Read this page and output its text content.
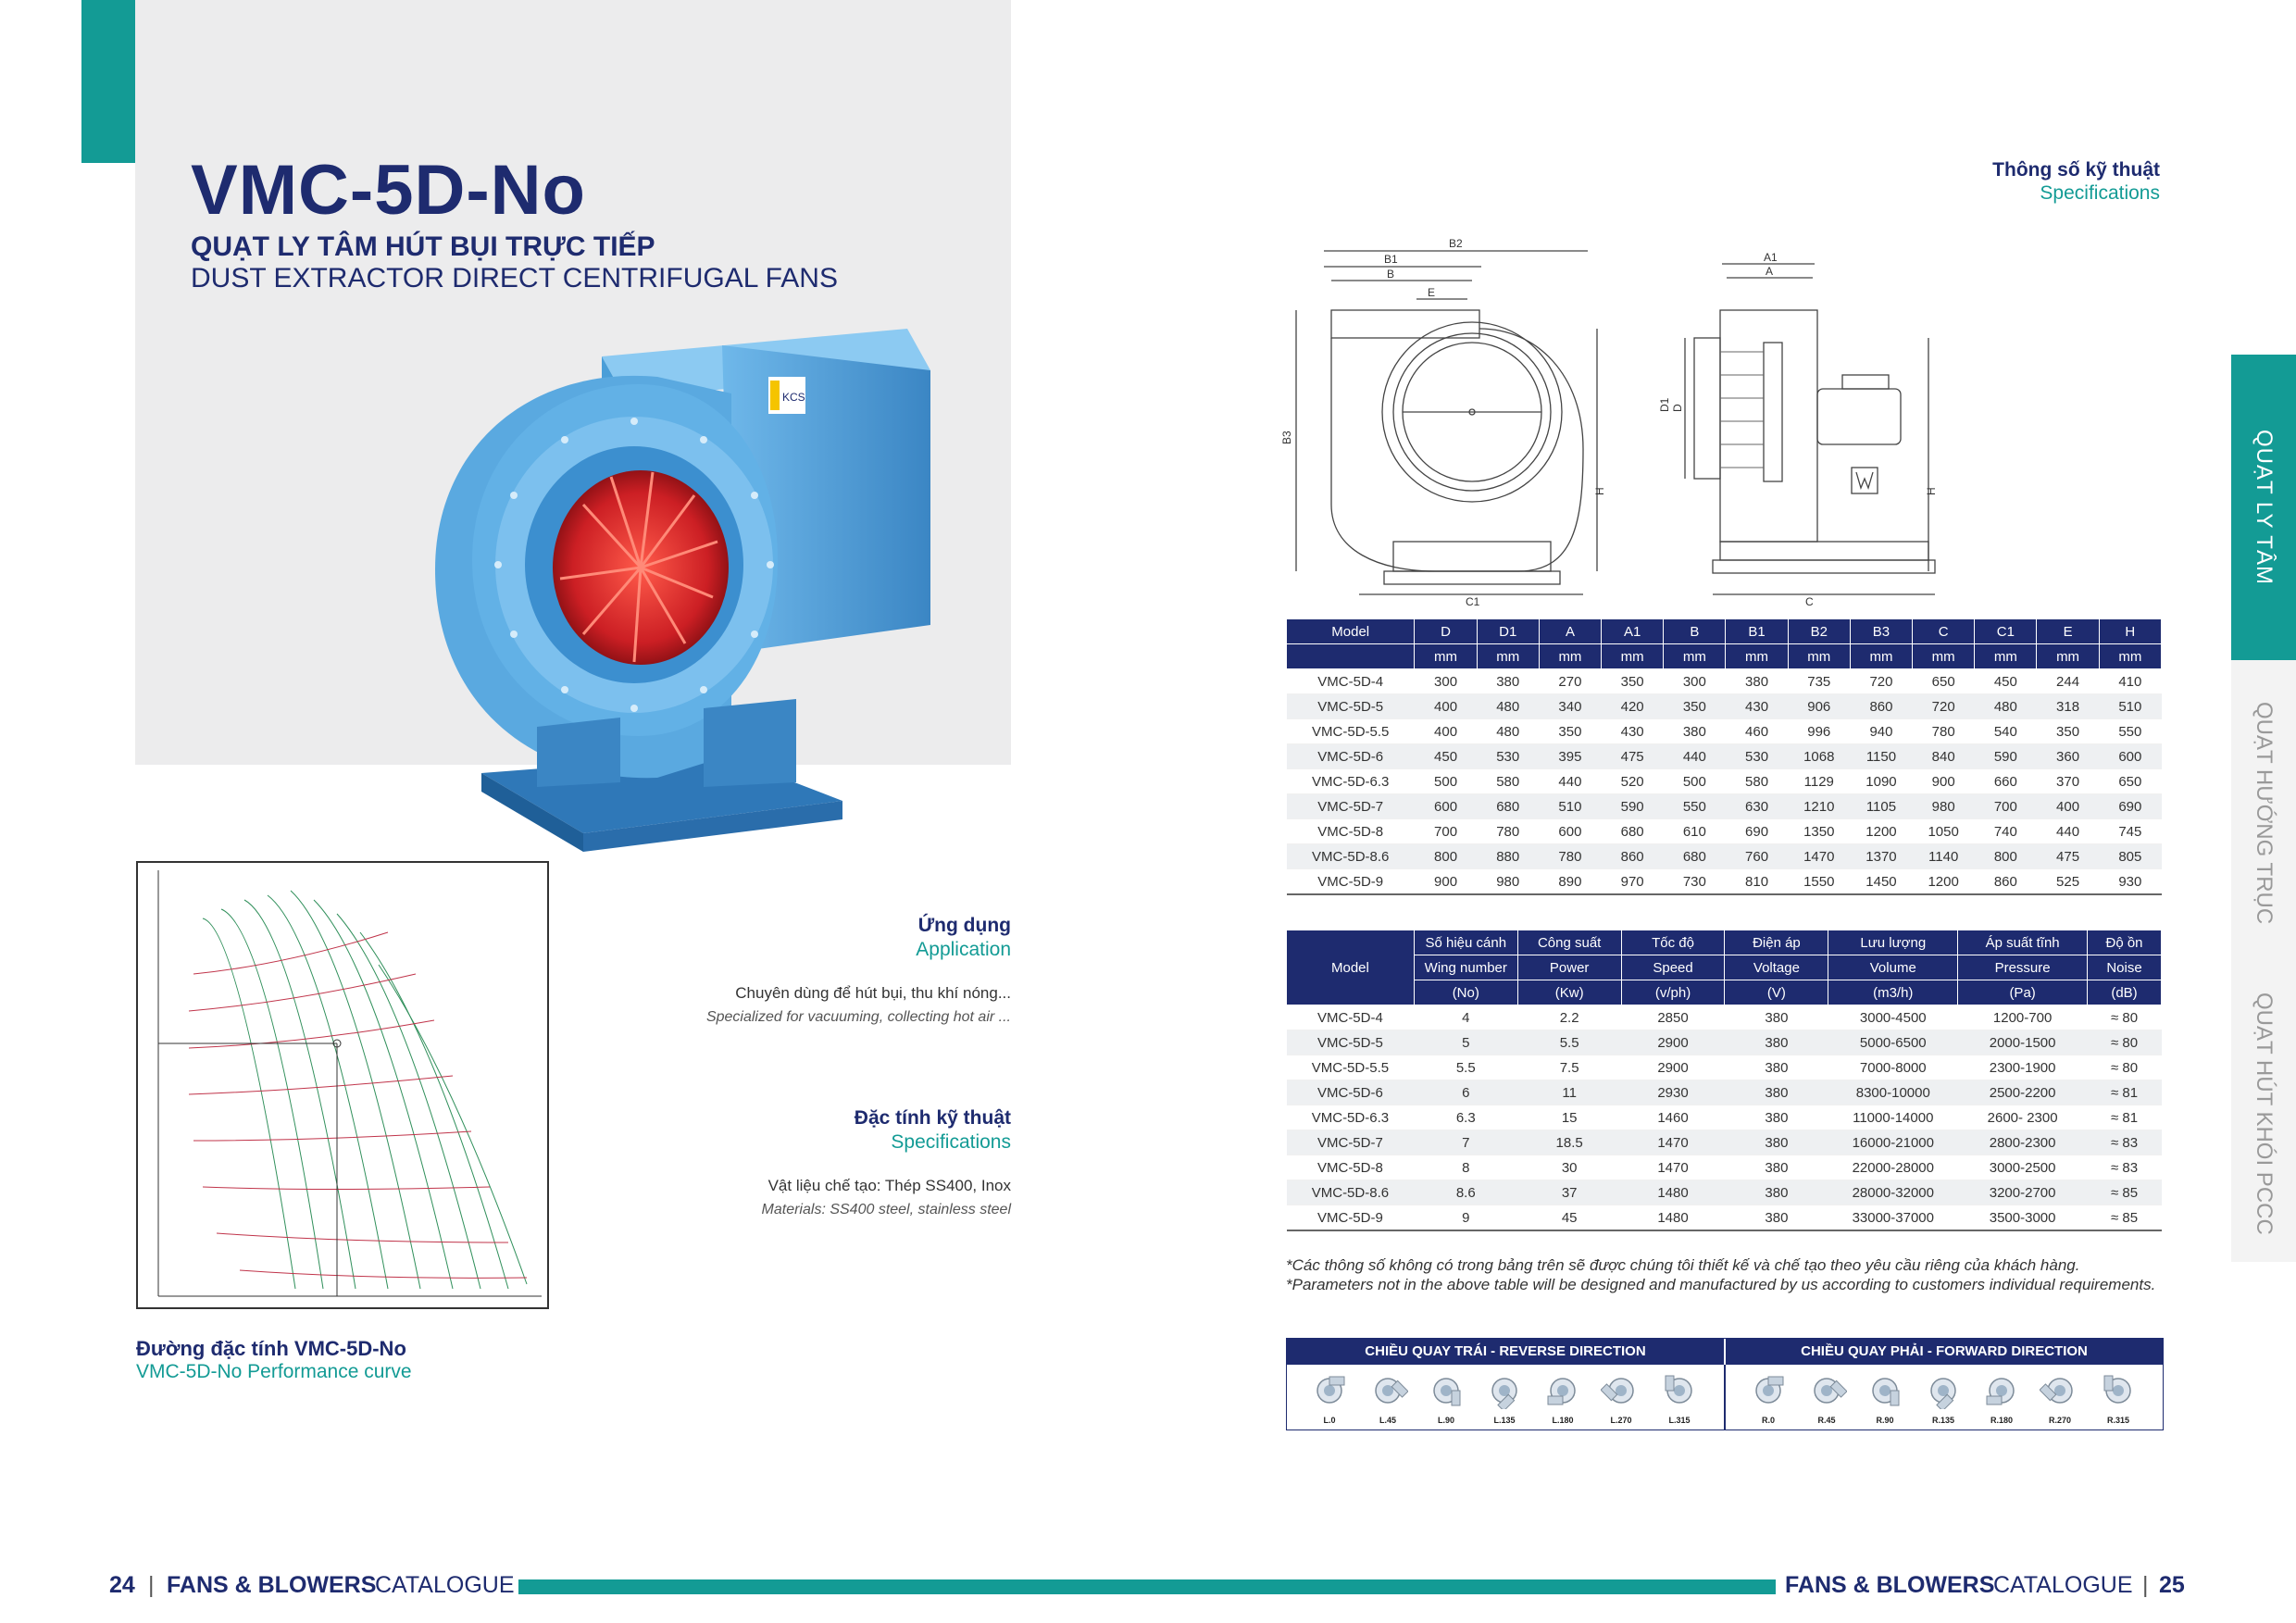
VMC-5D-No
QUẠT LY TÂM HÚT BỤI TRỰC TIẾP
DUST EXTRACTOR DIRECT CENTRIFUGAL FANS
KCS
Đường đặc tính VMC-5D-No
VMC-5D-No Performance curve
Ứng dụng
Application
Chuyên dùng để hút bụi, thu khí nóng...
Specialized for vacuuming, collecting hot air ...
Đặc tính kỹ thuật
Specifications
Vật liệu chế tạo: Thép SS400, Inox
Materials: SS400 steel, stainless steel
Thông số kỹ thuật
Specifications
B2
B1
B
E
B3
H
C1
A1
A
D1 D
H
C
Model	D	D1	A	A1	B	B1	B2	B3	C	C1	E	H
	mm	mm	mm	mm	mm	mm	mm	mm	mm	mm	mm	mm
VMC-5D-4	300	380	270	350	300	380	735	720	650	450	244	410
VMC-5D-5	400	480	340	420	350	430	906	860	720	480	318	510
VMC-5D-5.5	400	480	350	430	380	460	996	940	780	540	350	550
VMC-5D-6	450	530	395	475	440	530	1068	1150	840	590	360	600
VMC-5D-6.3	500	580	440	520	500	580	1129	1090	900	660	370	650
VMC-5D-7	600	680	510	590	550	630	1210	1105	980	700	400	690
VMC-5D-8	700	780	600	680	610	690	1350	1200	1050	740	440	745
VMC-5D-8.6	800	880	780	860	680	760	1470	1370	1140	800	475	805
VMC-5D-9	900	980	890	970	730	810	1550	1450	1200	860	525	930
Model	Số hiệu cánh	Công suất	Tốc độ	Điện áp	Lưu lượng	Áp suất tĩnh	Độ ồn
	Wing number	Power	Speed	Voltage	Volume	Pressure	Noise
	(No)	(Kw)	(v/ph)	(V)	(m3/h)	(Pa)	(dB)
VMC-5D-4	4	2.2	2850	380	3000-4500	1200-700	≈ 80
VMC-5D-5	5	5.5	2900	380	5000-6500	2000-1500	≈ 80
VMC-5D-5.5	5.5	7.5	2900	380	7000-8000	2300-1900	≈ 80
VMC-5D-6	6	11	2930	380	8300-10000	2500-2200	≈ 81
VMC-5D-6.3	6.3	15	1460	380	11000-14000	2600- 2300	≈ 81
VMC-5D-7	7	18.5	1470	380	16000-21000	2800-2300	≈ 83
VMC-5D-8	8	30	1470	380	22000-28000	3000-2500	≈ 83
VMC-5D-8.6	8.6	37	1480	380	28000-32000	3200-2700	≈ 85
VMC-5D-9	9	45	1480	380	33000-37000	3500-3000	≈ 85
*Các thông số không có trong bảng trên sẽ được chúng tôi thiết kế và chế tạo theo yêu cầu riêng của khách hàng.
*Parameters not in the above table will be designed and manufactured by us according to customers individual requirements.
CHIỀU QUAY TRÁI - REVERSE DIRECTION	CHIỀU QUAY PHẢI - FORWARD DIRECTION
L.0	L.45	L.90	L.135	L.180	L.270	L.315	R.0	R.45	R.90	R.135	R.180	R.270	R.315
QUẠT LY TÂM
QUẠT HƯỚNG TRỤC
QUẠT HÚT KHÓI PCCC
24 | FANS & BLOWERS
CATALOGUE	FANS & BLOWERS
CATALOGUE | 25
